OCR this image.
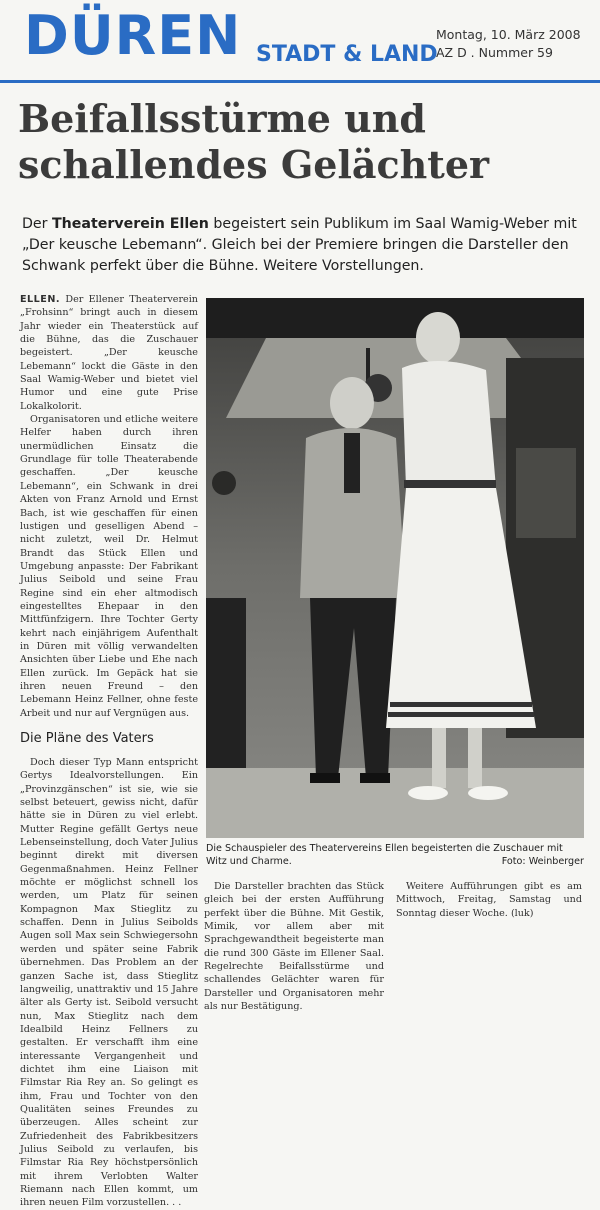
DÜREN STADT & LAND
Montag, 10. März 2008
AZ D . Nummer 59
Beifallsstürme und schallendes Gelächter
Der Theaterverein Ellen begeistert sein Publikum im Saal Wamig-Weber mit „Der keusche Lebemann“. Gleich bei der Premiere bringen die Darsteller den Schwank perfekt über die Bühne. Weitere Vorstellungen.

ELLEN. Der Ellener Theaterverein „Frohsinn“ bringt auch in diesem Jahr wieder ein Theaterstück auf die Bühne, das die Zuschauer begeistert. „Der keusche Lebemann“ lockt die Gäste in den Saal Wamig-Weber und bietet viel Humor und eine gute Prise Lokalkolorit.

Organisatoren und etliche weitere Helfer haben durch ihren unermüdlichen Einsatz die Grundlage für tolle Theaterabende geschaffen. „Der keusche Lebemann“, ein Schwank in drei Akten von Franz Arnold und Ernst Bach, ist wie geschaffen für einen lustigen und geselligen Abend – nicht zuletzt, weil Dr. Helmut Brandt das Stück Ellen und Umgebung anpasste: Der Fabrikant Julius Seibold und seine Frau Regine sind ein eher altmodisch eingestelltes Ehepaar in den Mittfünfzigern. Ihre Tochter Gerty kehrt nach einjährigem Aufenthalt in Düren mit völlig verwandelten Ansichten über Liebe und Ehe nach Ellen zurück. Im Gepäck hat sie ihren neuen Freund – den Lebemann Heinz Fellner, ohne feste Arbeit und nur auf Vergnügen aus.

Die Pläne des Vaters

Doch dieser Typ Mann entspricht Gertys Idealvorstellungen. Ein „Provinzgänschen“ ist sie, wie sie selbst beteuert, gewiss nicht, dafür hätte sie in Düren zu viel erlebt. Mutter Regine gefällt Gertys neue Lebenseinstellung, doch Vater Julius beginnt direkt mit diversen Gegenmaßnahmen. Heinz Fellner möchte er möglichst schnell los werden, um Platz für seinen Kompagnon Max Stieglitz zu schaffen. Denn in Julius Seibolds Augen soll Max sein Schwiegersohn werden und später seine Fabrik übernehmen. Das Problem an der ganzen Sache ist, dass Stieglitz langweilig, unattraktiv und 15 Jahre älter als Gerty ist. Seibold versucht nun, Max Stieglitz nach dem Idealbild Heinz Fellners zu gestalten. Er verschafft ihm eine interessante Vergangenheit und dichtet ihm eine Liaison mit Filmstar Ria Rey an. So gelingt es ihm, Frau und Tochter von den Qualitäten seines Freundes zu überzeugen. Alles scheint zur Zufriedenheit des Fabrikbesitzers Julius Seibold zu verlaufen, bis Filmstar Ria Rey höchstpersönlich mit ihrem Verlobten Walter Riemann nach Ellen kommt, um ihren neuen Film vorzustellen. . .

Die Schauspieler des Theatervereins Ellen begeisterten die Zuschauer mit Witz und Charme.	Foto: Weinberger

Die Darsteller brachten das Stück gleich bei der ersten Aufführung perfekt über die Bühne. Mit Gestik, Mimik, vor allem aber mit Sprachgewandtheit begeisterte man die rund 300 Gäste im Ellener Saal. Regelrechte Beifallsstürme und schallendes Gelächter waren für Darsteller und Organisatoren mehr als nur Bestätigung.

Weitere Aufführungen gibt es am Mittwoch, Freitag, Samstag und Sonntag dieser Woche. (luk)
